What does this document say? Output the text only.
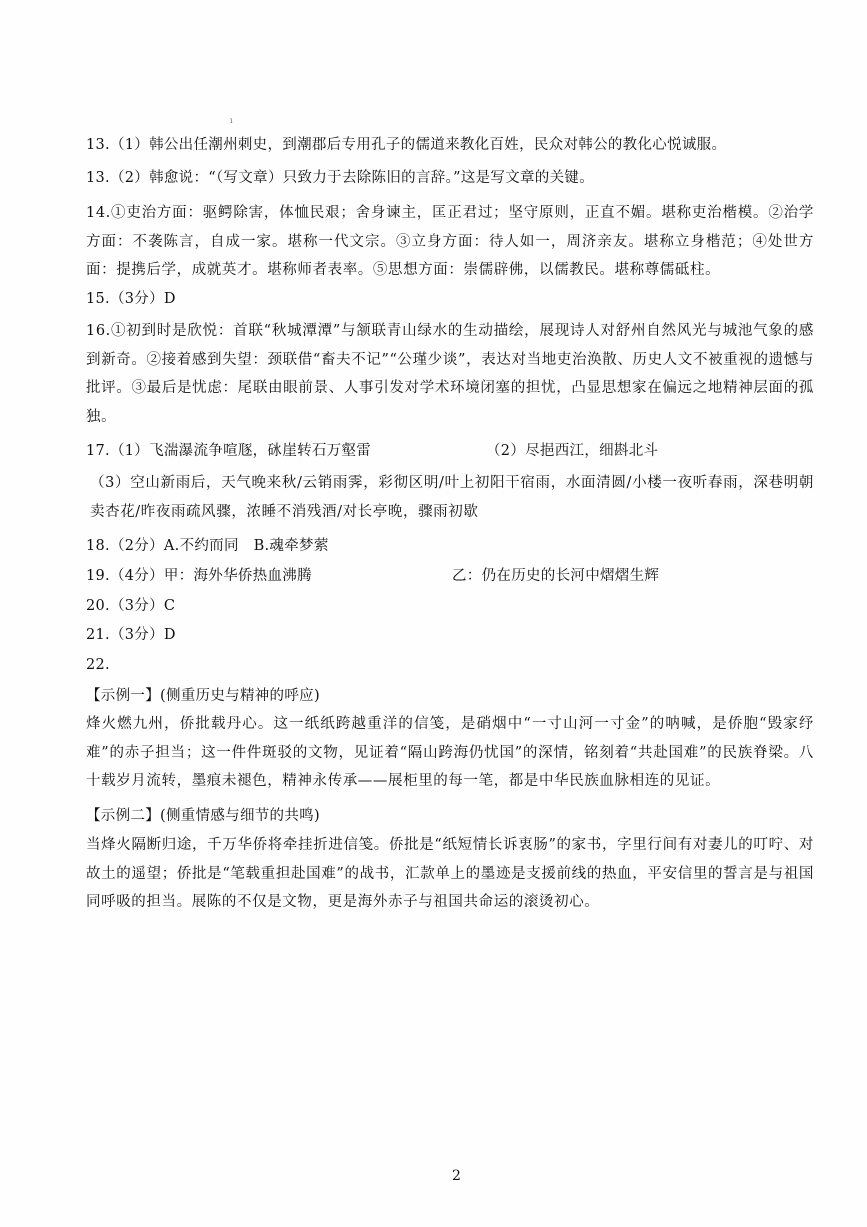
ı
13.（1）韩公出任潮州刺史，到潮郡后专用孔子的儒道来教化百姓，民众对韩公的教化心悦诚服。
13.（2）韩愈说：“（写文章）只致力于去除陈旧的言辞。”这是写文章的关键。
14.①吏治方面：驱鳄除害，体恤民艰；舍身谏主，匡正君过；坚守原则，正直不媚。堪称吏治楷模。②治学方面：不袭陈言，自成一家。堪称一代文宗。③立身方面：待人如一，周济亲友。堪称立身楷范；④处世方面：提携后学，成就英才。堪称师者表率。⑤思想方面：崇儒辟佛，以儒教民。堪称尊儒砥柱。
15.（3分）D
16.①初到时是欣悦：首联“秋城潭潭”与颔联青山绿水的生动描绘，展现诗人对舒州自然风光与城池气象的感到新奇。②接着感到失望：颈联借“畜夫不记”“公瑾少谈”，表达对当地吏治涣散、历史人文不被重视的遗憾与批评。③最后是忧虑：尾联由眼前景、人事引发对学术环境闭塞的担忧，凸显思想家在偏远之地精神层面的孤独。
17.（1）飞湍瀑流争喧豗，砯崖转石万壑雷	（2）尽挹西江，细斟北斗
（3）空山新雨后，天气晚来秋/云销雨霁，彩彻区明/叶上初阳干宿雨，水面清圆/小楼一夜听春雨，深巷明朝卖杏花/昨夜雨疏风骤，浓睡不消残酒/对长亭晚，骤雨初歇
18.（2分）A.不约而同　B.魂牵梦萦
19.（4分）甲：海外华侨热血沸腾	乙：仍在历史的长河中熠熠生辉
20.（3分）C
21.（3分）D
22.
【示例一】(侧重历史与精神的呼应)
烽火燃九州，侨批载丹心。这一纸纸跨越重洋的信笺，是硝烟中“一寸山河一寸金”的呐喊，是侨胞“毁家纾难”的赤子担当；这一件件斑驳的文物，见证着“隔山跨海仍忧国”的深情，铭刻着“共赴国难”的民族脊梁。八十载岁月流转，墨痕未褪色，精神永传承——展柜里的每一笔，都是中华民族血脉相连的见证。
【示例二】(侧重情感与细节的共鸣)
当烽火隔断归途，千万华侨将牵挂折进信笺。侨批是“纸短情长诉衷肠”的家书，字里行间有对妻儿的叮咛、对故土的遥望；侨批是“笔载重担赴国难”的战书，汇款单上的墨迹是支援前线的热血，平安信里的誓言是与祖国同呼吸的担当。展陈的不仅是文物，更是海外赤子与祖国共命运的滚烫初心。
2
